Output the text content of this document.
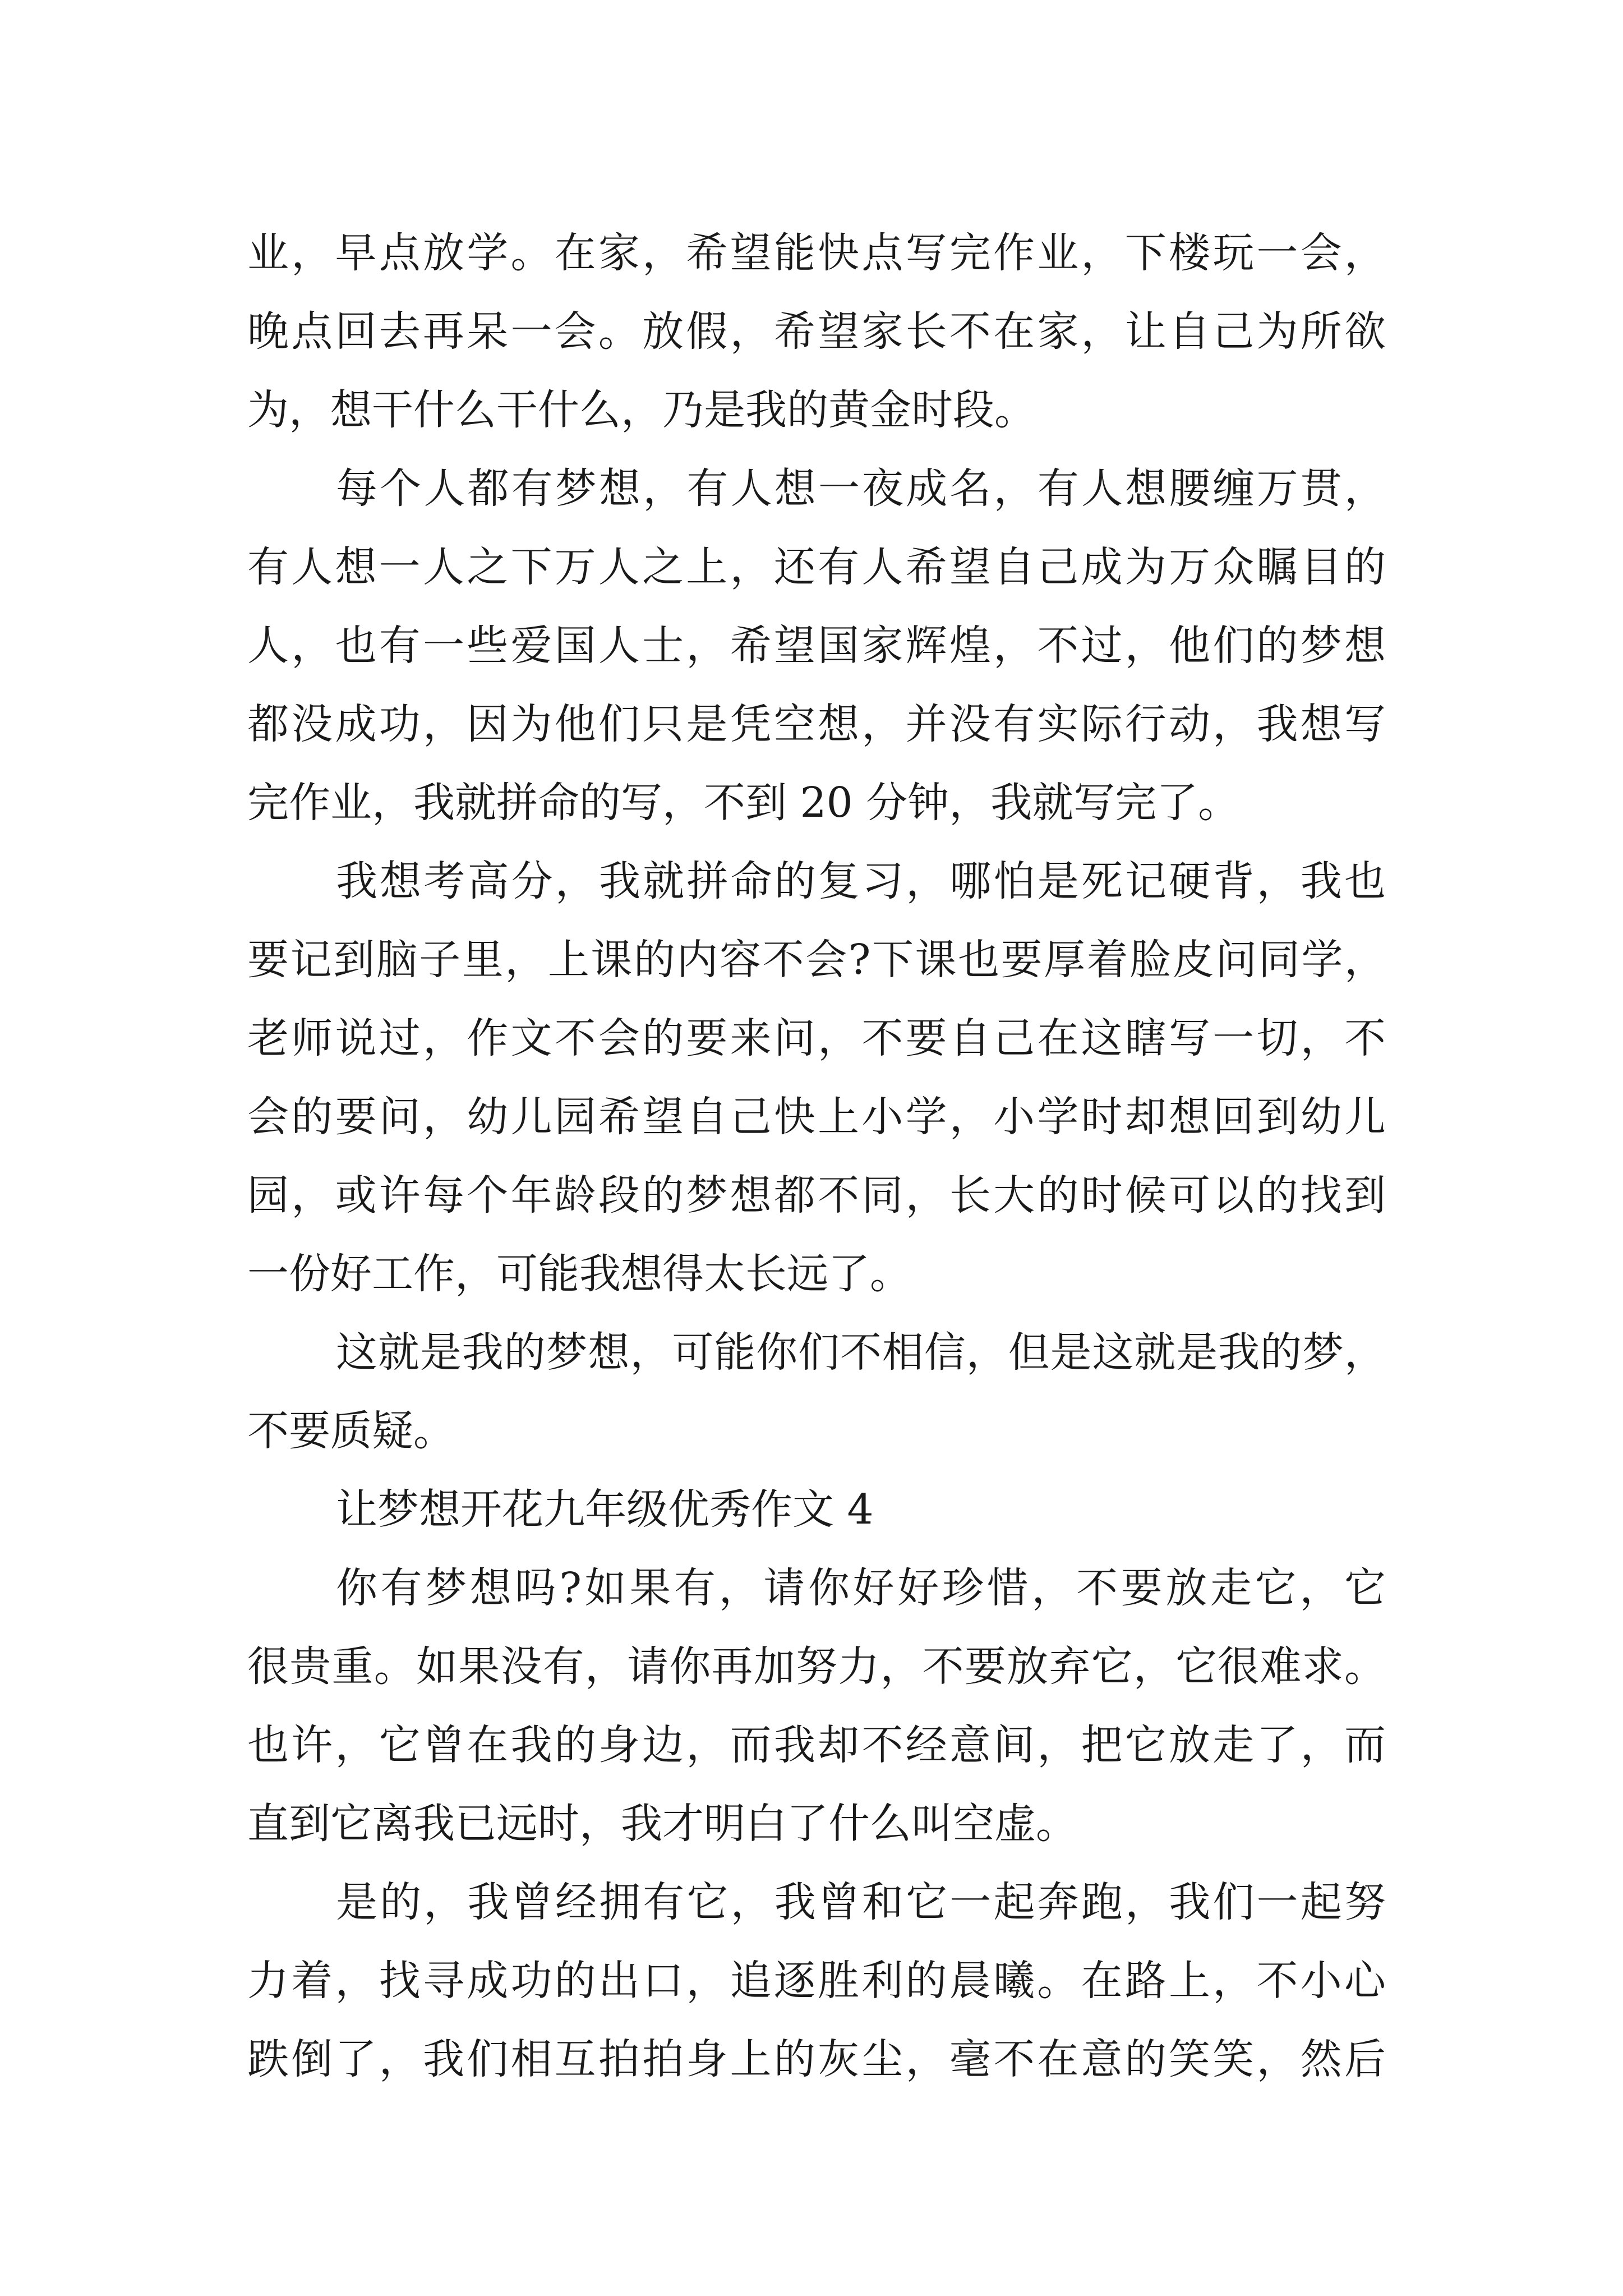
业，早点放学。在家，希望能快点写完作业，下楼玩一会，
晚点回去再呆一会。放假，希望家长不在家，让自己为所欲
为，想干什么干什么，乃是我的黄金时段。
每个人都有梦想，有人想一夜成名，有人想腰缠万贯，
有人想一人之下万人之上，还有人希望自己成为万众瞩目的
人，也有一些爱国人士，希望国家辉煌，不过，他们的梦想
都没成功，因为他们只是凭空想，并没有实际行动，我想写
完作业，我就拼命的写，不到 20 分钟，我就写完了。
我想考高分，我就拼命的复习，哪怕是死记硬背，我也
要记到脑子里，上课的内容不会?下课也要厚着脸皮问同学，
老师说过，作文不会的要来问，不要自己在这瞎写一切，不
会的要问，幼儿园希望自己快上小学，小学时却想回到幼儿
园，或许每个年龄段的梦想都不同，长大的时候可以的找到
一份好工作，可能我想得太长远了。
这就是我的梦想，可能你们不相信，但是这就是我的梦，
不要质疑。
让梦想开花九年级优秀作文 4
你有梦想吗?如果有，请你好好珍惜，不要放走它，它
很贵重。如果没有，请你再加努力，不要放弃它，它很难求。
也许，它曾在我的身边，而我却不经意间，把它放走了，而
直到它离我已远时，我才明白了什么叫空虚。
是的，我曾经拥有它，我曾和它一起奔跑，我们一起努
力着，找寻成功的出口，追逐胜利的晨曦。在路上，不小心
跌倒了，我们相互拍拍身上的灰尘，毫不在意的笑笑，然后
